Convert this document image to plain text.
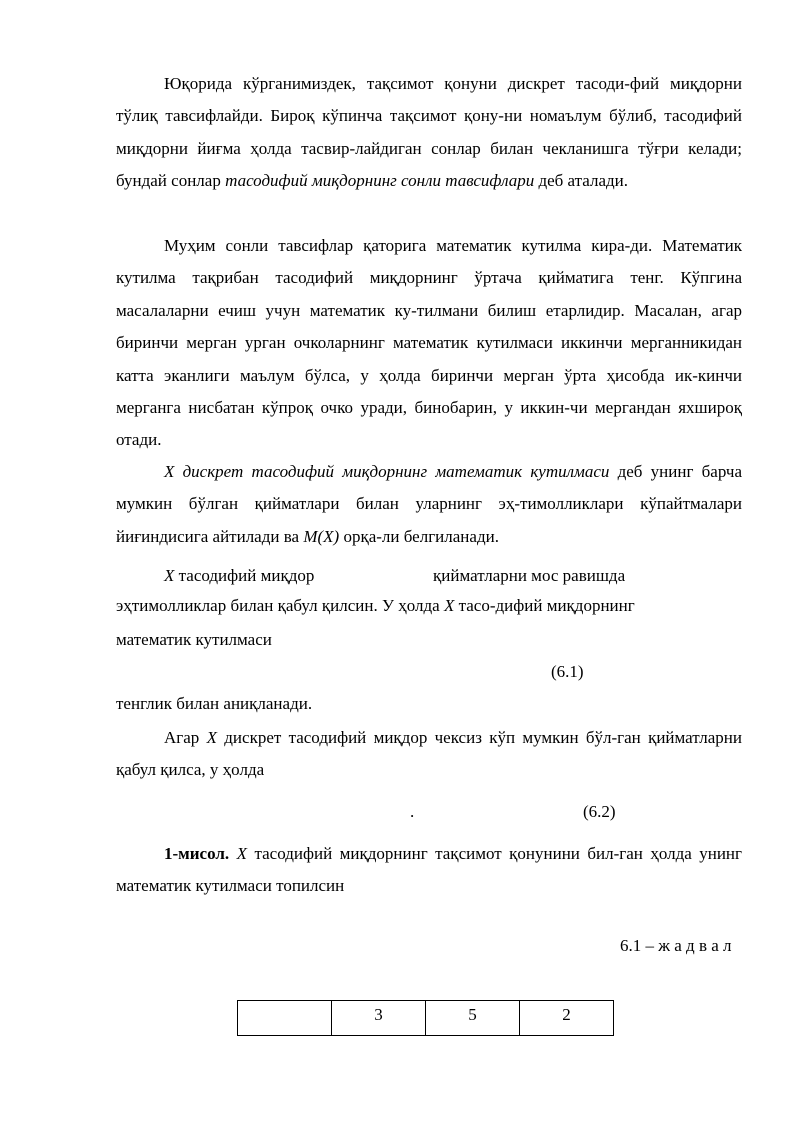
Юқорида кўрганимиздек, тақсимот қонуни дискрет тасоди-фий миқдорни тўлиқ тавсифлайди. Бироқ кўпинча тақсимот қону-ни номаълум бўлиб, тасодифий миқдорни йиғма ҳолда тасвир-лайдиган сонлар билан чекланишга тўғри келади; бундай сонлар тасодифий миқдорнинг сонли тавсифлари деб аталади.

Муҳим сонли тавсифлар қаторига математик кутилма кира-ди. Математик кутилма тақрибан тасодифий миқдорнинг ўртача қийматига тенг. Кўпгина масалаларни ечиш учун математик ку-тилмани билиш етарлидир. Масалан, агар биринчи мерган урган очколарнинг математик кутилмаси иккинчи мерганникидан катта эканлиги маълум бўлса, у ҳолда биринчи мерган ўрта ҳисобда ик-кинчи мерганга нисбатан кўпроқ очко уради, бинобарин, у иккин-чи мергандан яхшироқ отади.

X дискрет тасодифий миқдорнинг математик кутилмаси деб унинг барча мумкин бўлган қийматлари билан уларнинг эҳ-тимолликлари кўпайтмалари йиғиндисига айтилади ва M(X) орқа-ли белгиланади.

X тасодифий миқдор	қийматларни мос равишда

эҳтимолликлар билан қабул қилсин. У ҳолда X тасо-дифий миқдорнинг

математик кутилмаси
(6.1)
тенглик билан аниқланади.

Агар X дискрет тасодифий миқдор чексиз кўп мумкин бўл-ган қийматларни қабул қилса, у ҳолда

.	(6.2)

1-мисол. X тасодифий миқдорнинг тақсимот қонунини бил-ган ҳолда унинг математик кутилмаси топилсин

6.1 – ж а д в а л
	3	5	2
